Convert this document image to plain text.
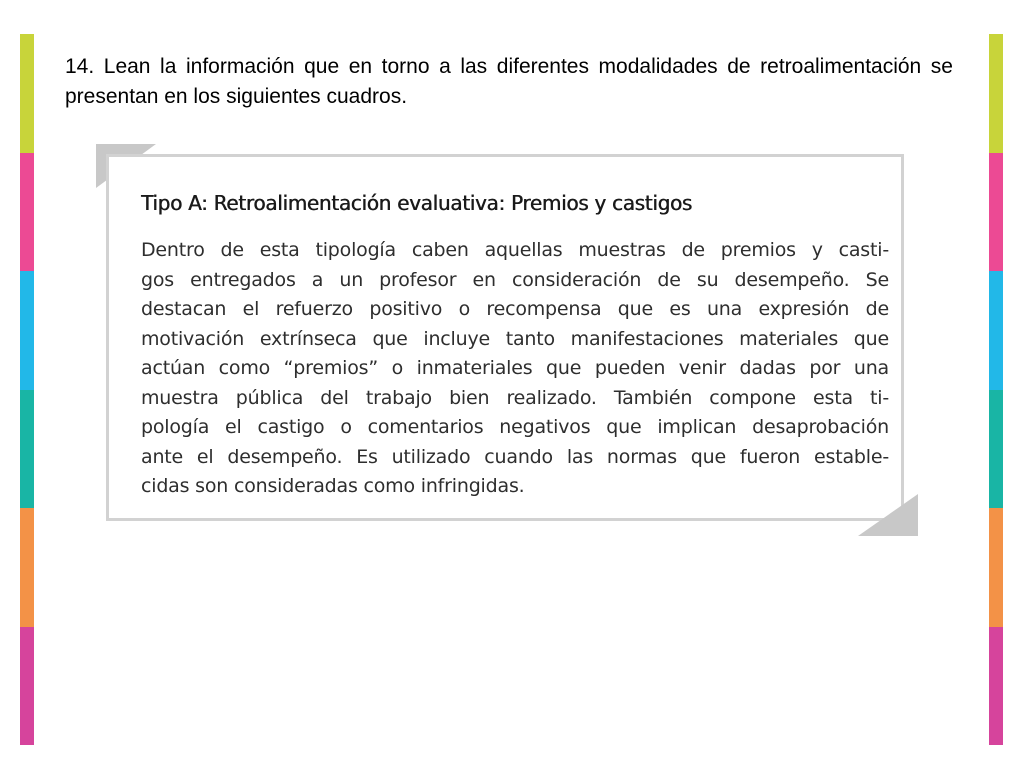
14. Lean la información que en torno a las diferentes modalidades de retroalimentación se presentan en los siguientes cuadros.

Tipo A: Retroalimentación evaluativa: Premios y castigos

Dentro de esta tipología caben aquellas muestras de premios y casti-
gos entregados a un profesor en consideración de su desempeño. Se
destacan el refuerzo positivo o recompensa que es una expresión de
motivación extrínseca que incluye tanto manifestaciones materiales que
actúan como “premios” o inmateriales que pueden venir dadas por una
muestra pública del trabajo bien realizado. También compone esta ti-
pología el castigo o comentarios negativos que implican desaprobación
ante el desempeño. Es utilizado cuando las normas que fueron estable-
cidas son consideradas como infringidas.
